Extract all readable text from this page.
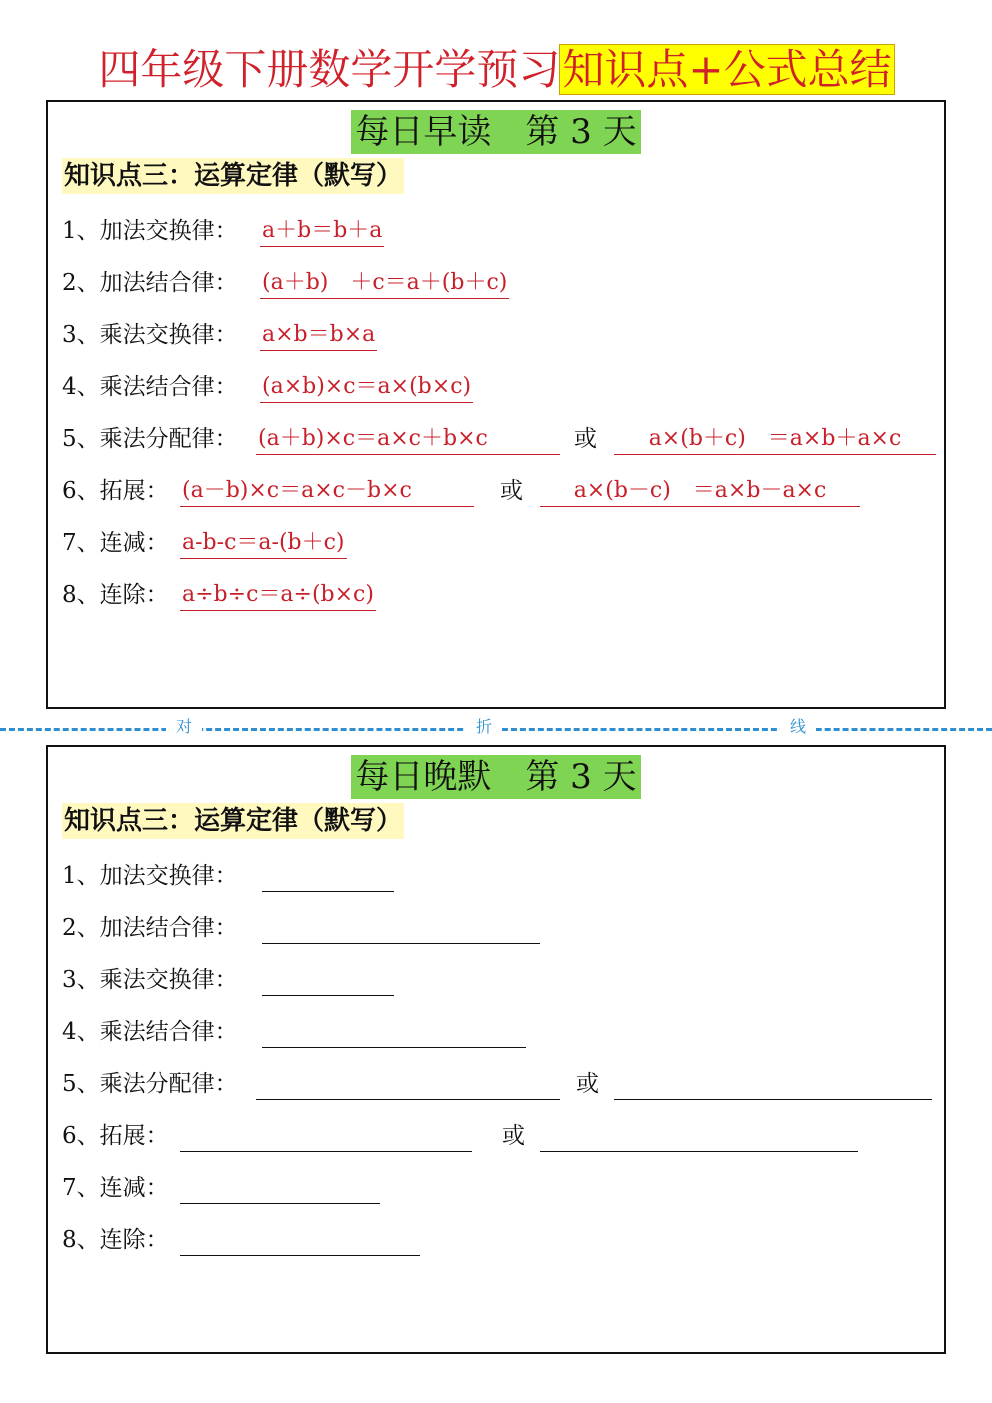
四年级下册数学开学预习知识点+公式总结
每日早读　第 3 天
知识点三：运算定律（默写）
1、加法交换律： a＋b＝b＋a
2、加法结合律： (a＋b)　＋c＝a＋(b＋c)
3、乘法交换律： a×b＝b×a
4、乘法结合律： (a×b)×c＝a×(b×c)
5、乘法分配律： (a＋b)×c＝a×c＋b×c	或	a×(b＋c)　＝a×b＋a×c
6、拓展： (a－b)×c＝a×c－b×c	或	a×(b－c)　＝a×b－a×c
7、连减： a-b-c＝a-(b＋c)
8、连除： a÷b÷c＝a÷(b×c)
对	折	线
每日晚默　第 3 天
知识点三：运算定律（默写）
1、加法交换律：
2、加法结合律：
3、乘法交换律：
4、乘法结合律：
5、乘法分配律：	或
6、拓展：	或
7、连减：
8、连除：
